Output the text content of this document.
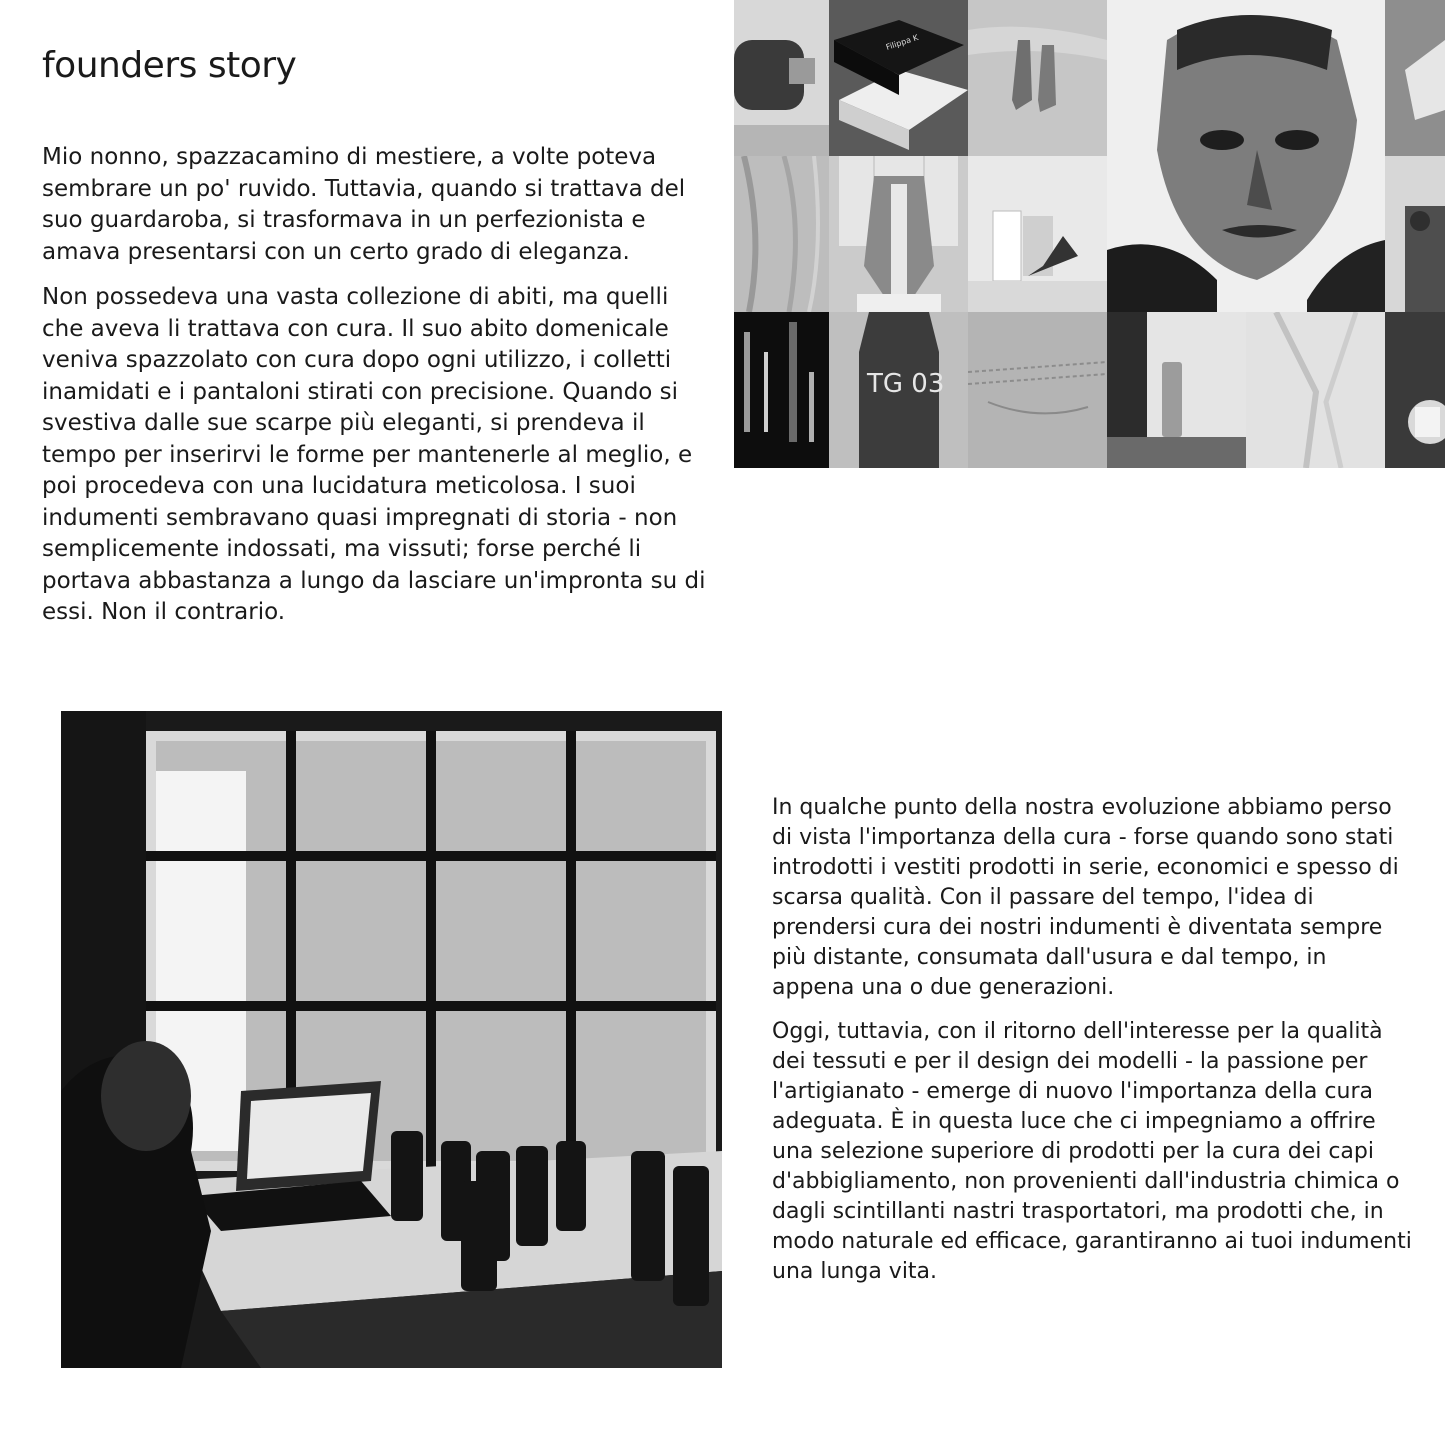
founders story

Mio nonno, spazzacamino di mestiere, a volte poteva sembrare un po' ruvido. Tuttavia, quando si trattava del suo guardaroba, si trasformava in un perfezionista e amava presentarsi con un certo grado di eleganza.

Non possedeva una vasta collezione di abiti, ma quelli che aveva li trattava con cura. Il suo abito domenicale veniva spazzolato con cura dopo ogni utilizzo, i colletti inamidati e i pantaloni stirati con precisione. Quando si svestiva dalle sue scarpe più eleganti, si prendeva il tempo per inserirvi le forme per mantenerle al meglio, e poi procedeva con una lucidatura meticolosa. I suoi indumenti sembravano quasi impregnati di storia - non semplicemente indossati, ma vissuti; forse perché li portava abbastanza a lungo da lasciare un'impronta su di essi. Non il contrario.

Filippa K
TG 03

In qualche punto della nostra evoluzione abbiamo perso di vista l'importanza della cura - forse quando sono stati introdotti i vestiti prodotti in serie, economici e spesso di scarsa qualità. Con il passare del tempo, l'idea di prendersi cura dei nostri indumenti è diventata sempre più distante, consumata dall'usura e dal tempo, in appena una o due generazioni.

Oggi, tuttavia, con il ritorno dell'interesse per la qualità dei tessuti e per il design dei modelli - la passione per l'artigianato - emerge di nuovo l'importanza della cura adeguata. È in questa luce che ci impegniamo a offrire una selezione superiore di prodotti per la cura dei capi d'abbigliamento, non provenienti dall'industria chimica o dagli scintillanti nastri trasportatori, ma prodotti che, in modo naturale ed efficace, garantiranno ai tuoi indumenti una lunga vita.
